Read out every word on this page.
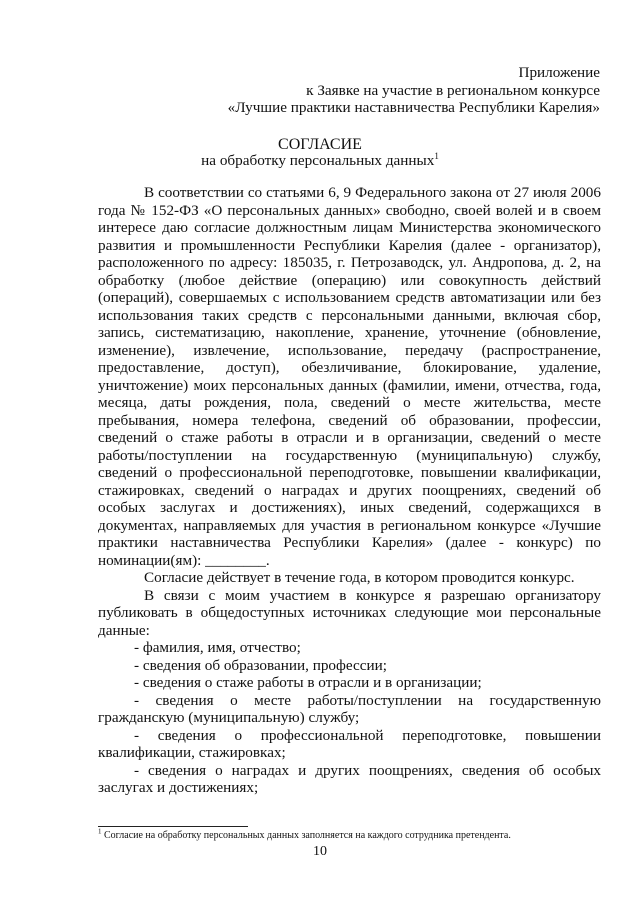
Приложение
к Заявке на участие в региональном конкурсе
«Лучшие практики наставничества Республики Карелия»
СОГЛАСИЕ
на обработку персональных данных$^1$

В соответствии со статьями 6, 9 Федерального закона от 27 июля 2006 года № 152-ФЗ «О персональных данных» свободно, своей волей и в своем интересе даю согласие должностным лицам Министерства экономического развития и промышленности Республики Карелия (далее - организатор), расположенного по адресу: 185035, г. Петрозаводск, ул. Андропова, д. 2, на обработку (любое действие (операцию) или совокупность действий (операций), совершаемых с использованием средств автоматизации или без использования таких средств с персональными данными, включая сбор, запись, систематизацию, накопление, хранение, уточнение (обновление, изменение), извлечение, использование, передачу (распространение, предоставление, доступ), обезличивание, блокирование, удаление, уничтожение) моих персональных данных (фамилии, имени, отчества, года, месяца, даты рождения, пола, сведений о месте жительства, месте пребывания, номера телефона, сведений об образовании, профессии, сведений о стаже работы в отрасли и в организации, сведений о месте работы/поступлении на государственную (муниципальную) службу, сведений о профессиональной переподготовке, повышении квалификации, стажировках, сведений о наградах и других поощрениях, сведений об особых заслугах и достижениях), иных сведений, содержащихся в документах, направляемых для участия в региональном конкурсе «Лучшие практики наставничества Республики Карелия» (далее - конкурс) по номинации(ям): ________.

Согласие действует в течение года, в котором проводится конкурс.

В связи с моим участием в конкурсе я разрешаю организатору публиковать в общедоступных источниках следующие мои персональные данные:

- фамилия, имя, отчество;

- сведения об образовании, профессии;

- сведения о стаже работы в отрасли и в организации;

- сведения о месте работы/поступлении на государственную гражданскую (муниципальную) службу;

- сведения о профессиональной переподготовке, повышении квалификации, стажировках;

- сведения о наградах и других поощрениях, сведения об особых заслугах и достижениях;

$^1$ Согласие на обработку персональных данных заполняется на каждого сотрудника претендента.
10
